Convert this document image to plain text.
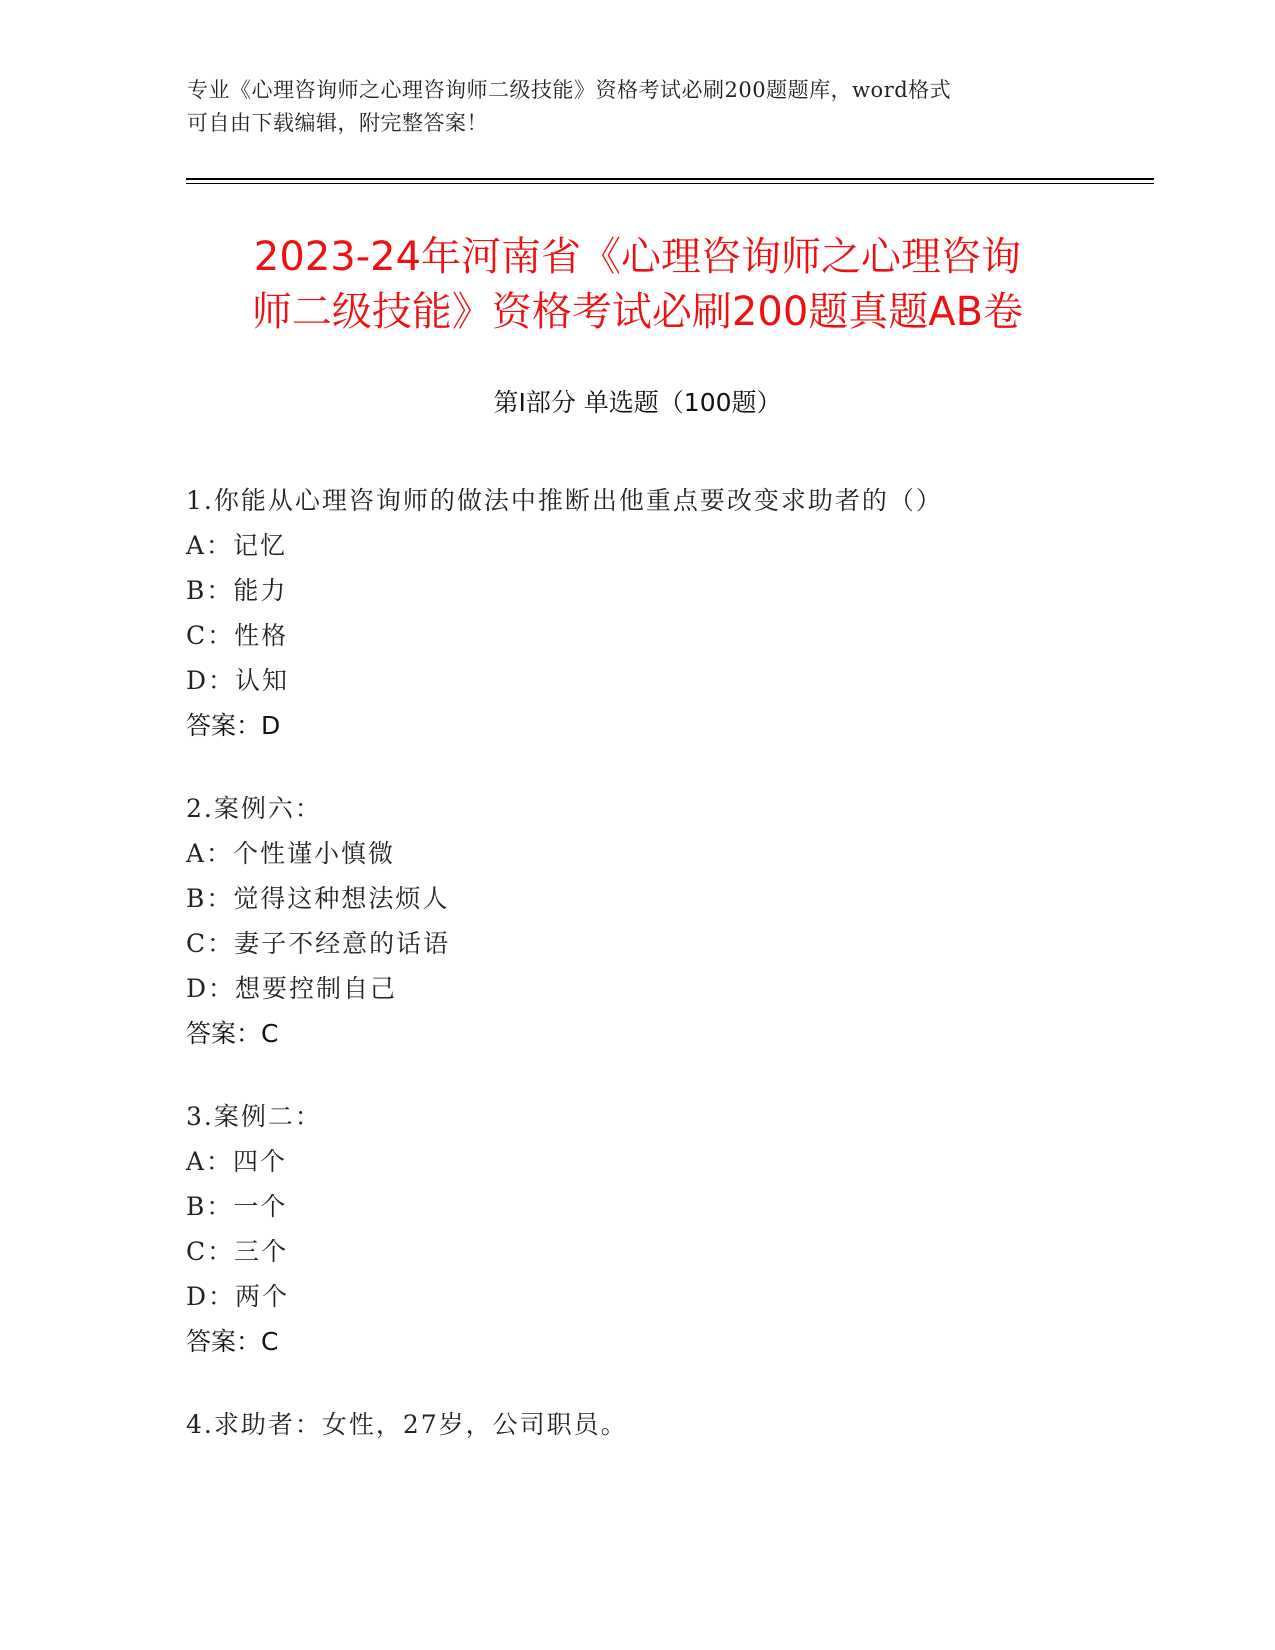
专业《心理咨询师之心理咨询师二级技能》资格考试必刷200题题库，word格式
可自由下载编辑，附完整答案！
2023-24年河南省《心理咨询师之心理咨询
师二级技能》资格考试必刷200题真题AB卷
第Ⅰ部分 单选题（100题）
1.你能从心理咨询师的做法中推断出他重点要改变求助者的（）
A：记忆
B：能力
C：性格
D：认知
答案：D
2.案例六：
A：个性谨小慎微
B：觉得这种想法烦人
C：妻子不经意的话语
D：想要控制自己
答案：C
3.案例二：
A：四个
B：一个
C：三个
D：两个
答案：C
4.求助者：女性，27岁，公司职员。
